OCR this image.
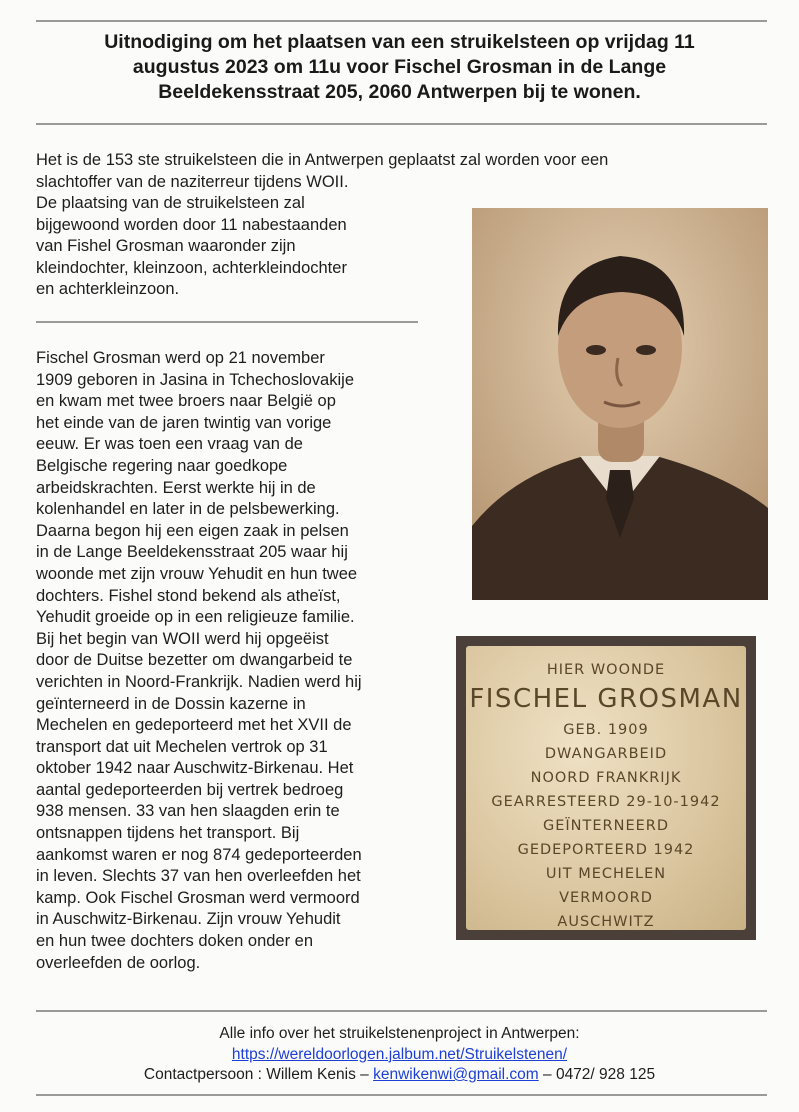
Uitnodiging om het plaatsen van een struikelsteen op vrijdag 11
augustus 2023 om 11u voor Fischel Grosman in de Lange
Beeldekensstraat 205, 2060 Antwerpen bij te wonen.
Het is de 153 ste struikelsteen die in Antwerpen geplaatst zal worden voor een
slachtoffer van de naziterreur tijdens WOII.
De plaatsing van de struikelsteen zal
bijgewoond worden door 11 nabestaanden
van Fishel Grosman waaronder zijn
kleindochter, kleinzoon, achterkleindochter
en achterkleinzoon.
Fischel Grosman werd op 21 november
1909 geboren in Jasina in Tchechoslovakije
en kwam met twee broers naar België op
het einde van de jaren twintig van vorige
eeuw. Er was toen een vraag van de
Belgische regering naar goedkope
arbeidskrachten. Eerst werkte hij in de
kolenhandel en later in de pelsbewerking.
Daarna begon hij een eigen zaak in pelsen
in de Lange Beeldekensstraat 205 waar hij
woonde met zijn vrouw Yehudit en hun twee
dochters. Fishel stond bekend als atheïst,
Yehudit groeide op in een religieuze familie.
Bij het begin van WOII werd hij opgeëist
door de Duitse bezetter om dwangarbeid te
verichten in Noord-Frankrijk. Nadien werd hij
geïnterneerd in de Dossin kazerne in
Mechelen en gedeporteerd met het XVII de
transport dat uit Mechelen vertrok op 31
oktober 1942 naar Auschwitz-Birkenau. Het
aantal gedeporteerden bij vertrek bedroeg
938 mensen. 33 van hen slaagden erin te
ontsnappen tijdens het transport. Bij
aankomst waren er nog 874 gedeporteerden
in leven. Slechts 37 van hen overleefden het
kamp. Ook Fischel Grosman werd vermoord
in Auschwitz-Birkenau. Zijn vrouw Yehudit
en hun twee dochters doken onder en
overleefden de oorlog.
HIER WOONDE
FISCHEL GROSMAN
GEB. 1909
DWANGARBEID
NOORD FRANKRIJK
GEARRESTEERD 29-10-1942
GEÏNTERNEERD
GEDEPORTEERD 1942
UIT MECHELEN
VERMOORD
AUSCHWITZ
Alle info over het struikelstenenproject in Antwerpen:
https://wereldoorlogen.jalbum.net/Struikelstenen/
Contactpersoon : Willem Kenis – kenwikenwi@gmail.com – 0472/ 928 125
